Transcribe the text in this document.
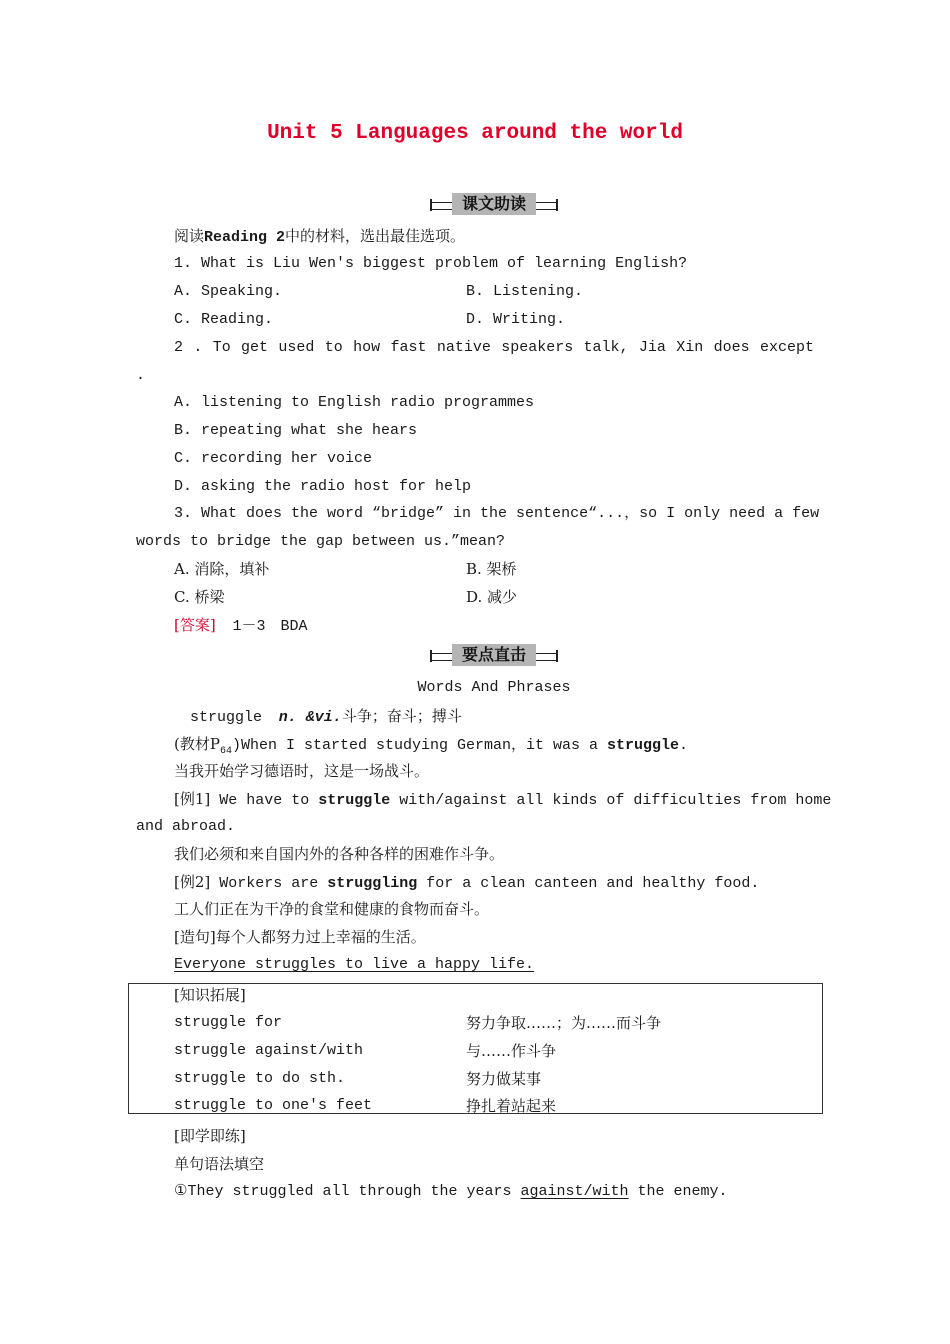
Unit 5 Languages around the world
课文助读
阅读Reading 2中的材料，选出最佳选项。
1. What is Liu Wen's biggest problem of learning English?
A. Speaking.	B. Listening.
C. Reading.	D. Writing.
2 . To get used to how fast native speakers talk, Jia Xin does except
.
A. listening to English radio programmes
B. repeating what she hears
C. recording her voice
D. asking the radio host for help
3. What does the word “bridge” in the sentence“...，so I only need a few
words to bridge the gap between us.”mean?
A. 消除，填补	B. 架桥
C. 桥梁	D. 减少
[答案] 1－3　BDA
要点直击
Words And Phrases
struggle n. &vi.斗争；奋斗；搏斗
(教材$P_{64})When$ I started studying German，it was a struggle.
当我开始学习德语时，这是一场战斗。
[例1] We have to struggle with/against all kinds of difficulties from home
and abroad.
我们必须和来自国内外的各种各样的困难作斗争。
[例2] Workers are struggling for a clean canteen and healthy food.
工人们正在为干净的食堂和健康的食物而奋斗。
[造句]每个人都努力过上幸福的生活。
Everyone struggles to live a happy life.
[知识拓展]
struggle for	努力争取……；为……而斗争
struggle against/with	与……作斗争
struggle to do sth.	努力做某事
struggle to one's feet	挣扎着站起来
[即学即练]
单句语法填空
①They struggled all through the years against/with the enemy.
